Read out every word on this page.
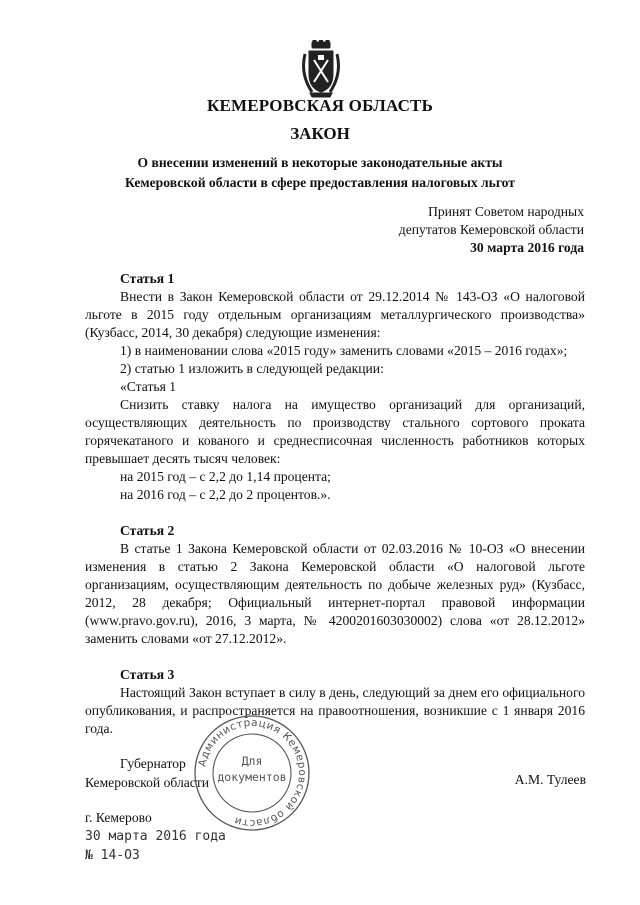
КЕМЕРОВСКАЯ ОБЛАСТЬ
ЗАКОН
О внесении изменений в некоторые законодательные акты
Кемеровской области в сфере предоставления налоговых льгот
Принят Советом народных
депутатов Кемеровской области
30 марта 2016 года
Статья 1
Внести в Закон Кемеровской области от 29.12.2014 № 143-ОЗ «О налоговой льготе в 2015 году отдельным организациям металлургического производства» (Кузбасс, 2014, 30 декабря) следующие изменения:
1) в наименовании слова «2015 году» заменить словами «2015 – 2016 годах»;
2) статью 1 изложить в следующей редакции:
«Статья 1
Снизить ставку налога на имущество организаций для организаций, осуществляющих деятельность по производству стального сортового проката горячекатаного и кованого и среднесписочная численность работников которых превышает десять тысяч человек:
на 2015 год – с 2,2 до 1,14 процента;
на 2016 год – с 2,2 до 2 процентов.».
Статья 2
В статье 1 Закона Кемеровской области от 02.03.2016 № 10-ОЗ «О внесении изменения в статью 2 Закона Кемеровской области «О налоговой льготе организациям, осуществляющим деятельность по добыче железных руд» (Кузбасс, 2012, 28 декабря; Официальный интернет-портал правовой информации (www.pravo.gov.ru), 2016, 3 марта, № 4200201603030002) слова «от 28.12.2012» заменить словами «от 27.12.2012».
Статья 3
Настоящий Закон вступает в силу в день, следующий за днем его официального опубликования, и распространяется на правоотношения, возникшие с 1 января 2016 года.
Губернатор
Кемеровской области	А.М. Тулеев
г. Кемерово
30 марта 2016 года
№ 14-ОЗ
Администрация Кемеровской области
Для
документов
